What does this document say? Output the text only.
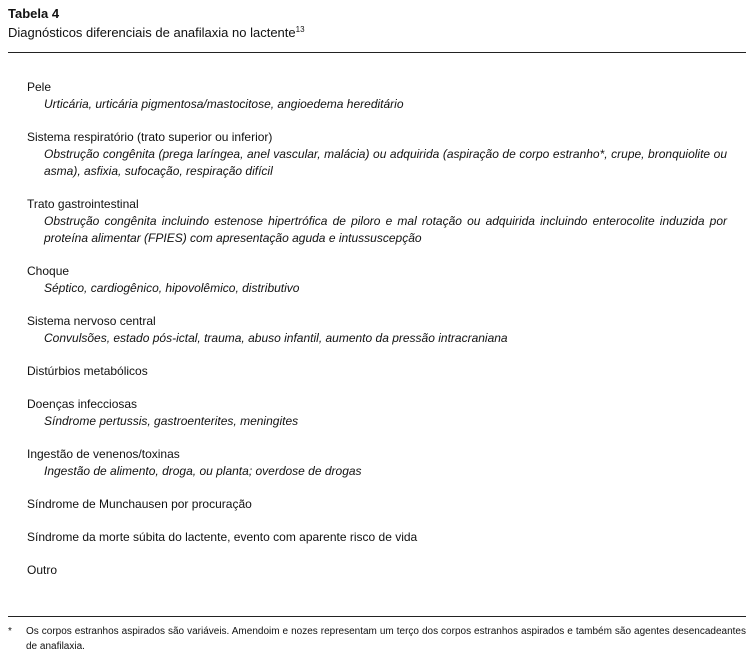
Tabela 4
Diagnósticos diferenciais de anafilaxia no lactente$^{13}$
Pele
Urticária, urticária pigmentosa/mastocitose, angioedema hereditário
Sistema respiratório (trato superior ou inferior)
Obstrução congênita (prega laríngea, anel vascular, malácia) ou adquirida (aspiração de corpo estranho*, crupe, bronquiolite ou asma), asfixia, sufocação, respiração difícil
Trato gastrointestinal
Obstrução congênita incluindo estenose hipertrófica de piloro e mal rotação ou adquirida incluindo enterocolite induzida por proteína alimentar (FPIES) com apresentação aguda e intussuscepção
Choque
Séptico, cardiogênico, hipovolêmico, distributivo
Sistema nervoso central
Convulsões, estado pós-ictal, trauma, abuso infantil, aumento da pressão intracraniana
Distúrbios metabólicos
Doenças infecciosas
Síndrome pertussis, gastroenterites, meningites
Ingestão de venenos/toxinas
Ingestão de alimento, droga, ou planta; overdose de drogas
Síndrome de Munchausen por procuração
Síndrome da morte súbita do lactente, evento com aparente risco de vida
Outro
* Os corpos estranhos aspirados são variáveis. Amendoim e nozes representam um terço dos corpos estranhos aspirados e também são agentes desencadeantes de anafilaxia.
